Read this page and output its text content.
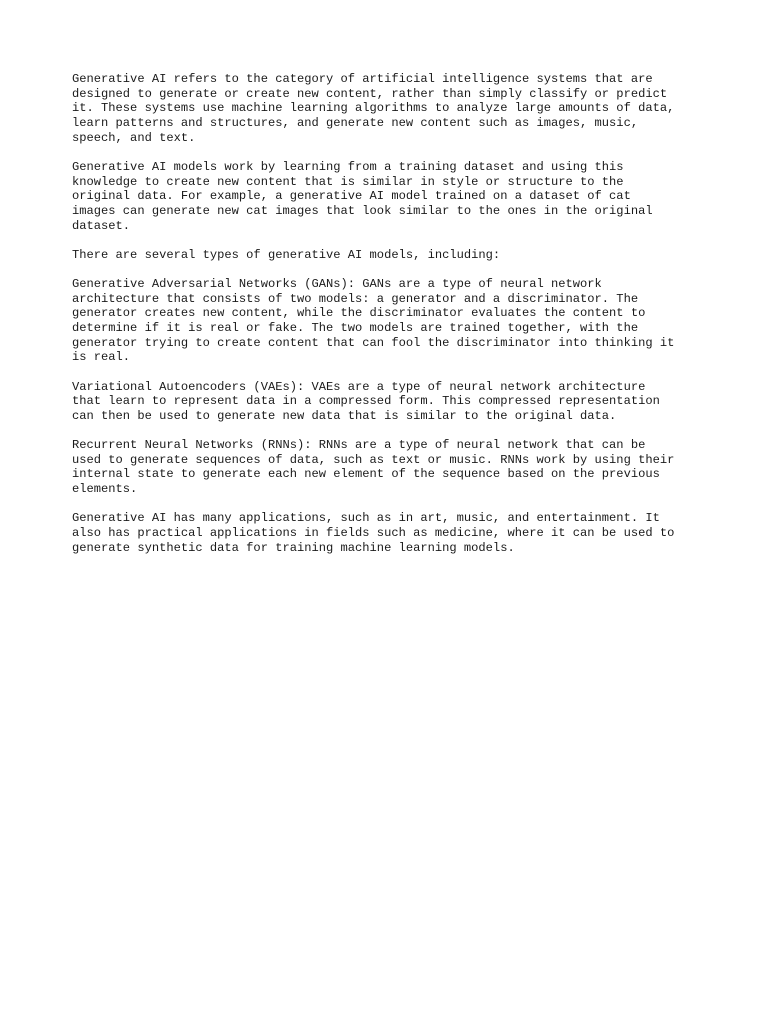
Generative AI refers to the category of artificial intelligence systems that are
designed to generate or create new content, rather than simply classify or predict
it. These systems use machine learning algorithms to analyze large amounts of data,
learn patterns and structures, and generate new content such as images, music,
speech, and text.

Generative AI models work by learning from a training dataset and using this
knowledge to create new content that is similar in style or structure to the
original data. For example, a generative AI model trained on a dataset of cat
images can generate new cat images that look similar to the ones in the original
dataset.

There are several types of generative AI models, including:

Generative Adversarial Networks (GANs): GANs are a type of neural network
architecture that consists of two models: a generator and a discriminator. The
generator creates new content, while the discriminator evaluates the content to
determine if it is real or fake. The two models are trained together, with the
generator trying to create content that can fool the discriminator into thinking it
is real.

Variational Autoencoders (VAEs): VAEs are a type of neural network architecture
that learn to represent data in a compressed form. This compressed representation
can then be used to generate new data that is similar to the original data.

Recurrent Neural Networks (RNNs): RNNs are a type of neural network that can be
used to generate sequences of data, such as text or music. RNNs work by using their
internal state to generate each new element of the sequence based on the previous
elements.

Generative AI has many applications, such as in art, music, and entertainment. It
also has practical applications in fields such as medicine, where it can be used to
generate synthetic data for training machine learning models.
